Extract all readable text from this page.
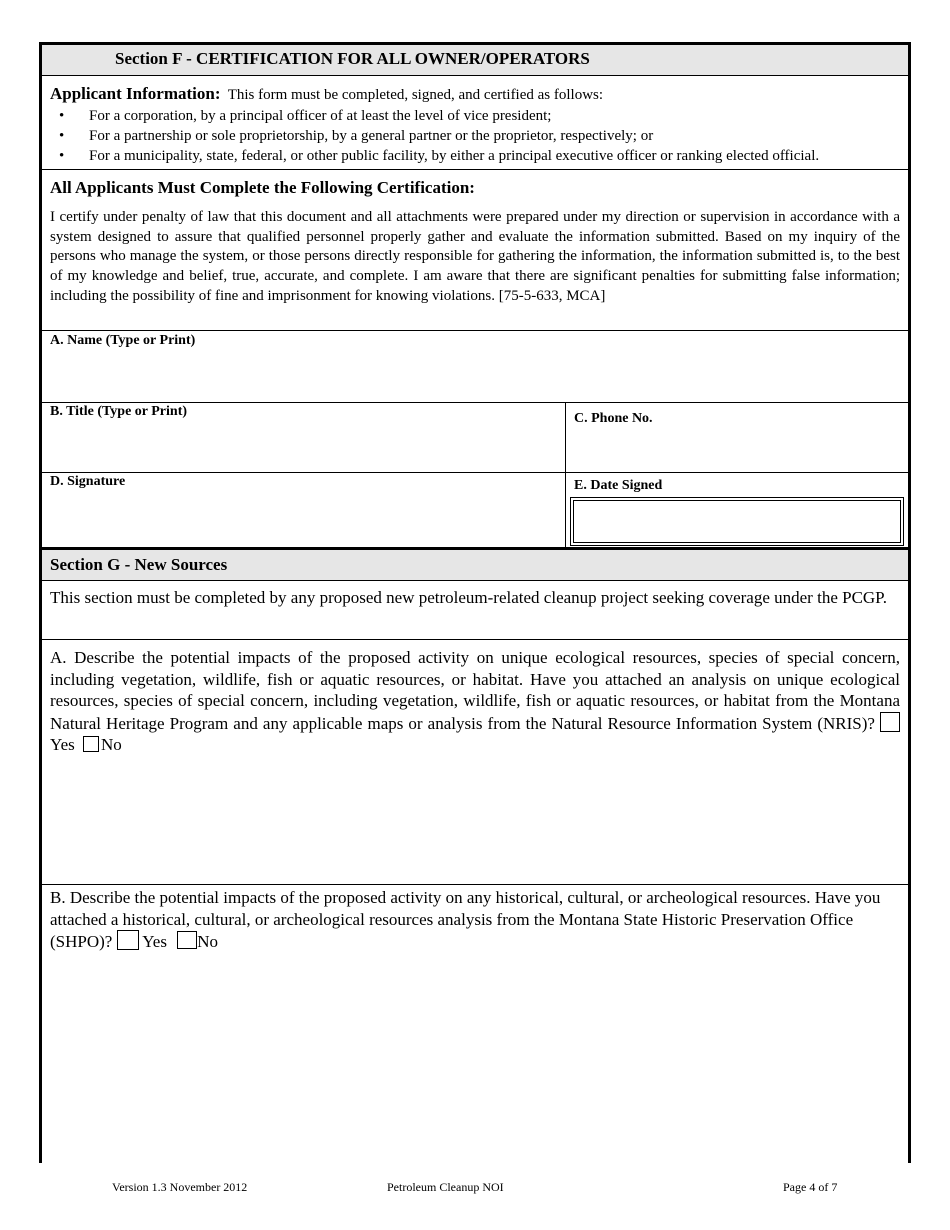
Section F - CERTIFICATION FOR ALL OWNER/OPERATORS
Applicant Information: This form must be completed, signed, and certified as follows:
• For a corporation, by a principal officer of at least the level of vice president;
• For a partnership or sole proprietorship, by a general partner or the proprietor, respectively; or
• For a municipality, state, federal, or other public facility, by either a principal executive officer or ranking elected official.
All Applicants Must Complete the Following Certification:
I certify under penalty of law that this document and all attachments were prepared under my direction or supervision in accordance with a system designed to assure that qualified personnel properly gather and evaluate the information submitted. Based on my inquiry of the persons who manage the system, or those persons directly responsible for gathering the information, the information submitted is, to the best of my knowledge and belief, true, accurate, and complete. I am aware that there are significant penalties for submitting false information; including the possibility of fine and imprisonment for knowing violations. [75-5-633, MCA]
A. Name (Type or Print)
B. Title (Type or Print)	C. Phone No.
D. Signature	E. Date Signed
Section G - New Sources
This section must be completed by any proposed new petroleum-related cleanup project seeking coverage under the PCGP.
A. Describe the potential impacts of the proposed activity on unique ecological resources, species of special concern, including vegetation, wildlife, fish or aquatic resources, or habitat. Have you attached an analysis on unique ecological resources, species of special concern, including vegetation, wildlife, fish or aquatic resources, or habitat from the Montana Natural Heritage Program and any applicable maps or analysis from the Natural Resource Information System (NRIS)? Yes No
B. Describe the potential impacts of the proposed activity on any historical, cultural, or archeological resources. Have you attached a historical, cultural, or archeological resources analysis from the Montana State Historic Preservation Office (SHPO)? Yes No
Version 1.3 November 2012	Petroleum Cleanup NOI	Page 4 of 7
